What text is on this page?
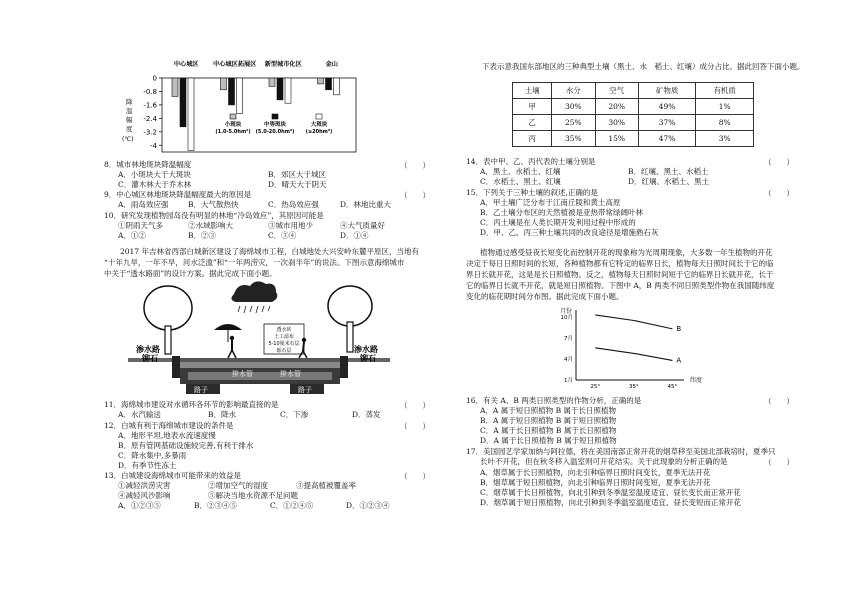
0
-0.8
-1.6
-2.4
-3.2
-4
降
温
幅
度
(℃)
中心城区 中心城区拓展区 新型城市化区	金山
小斑块
(1.0-5.0hm²)
中等斑块
(5.0-20.0hm²)
大斑块
(≥20hm²)
8．城市林地斑块降温幅度	（　　）
A．小斑块大于大斑块	B．郊区大于城区
C．灌木林大于乔木林	D．晴天大于阴天
9．中心城区林地斑块降温幅度最大的原因是	（　　）
A．雨岛效应强	B．大气散热快	C．热岛效应强	D．林地比重大
10．研究发现植物园岛没有明显的林地“冷岛效应”，其原因可能是
①阴雨天气多	②水域影响大	③城市用地少	④大气质量好
A．①②	B．②③	C．③④	D．①④
2017 年吉林省西部白城新区建设了海绵城市工程，白城地处大兴安岭东麓平原区，当地有
“十年九旱，一年不旱，河水泛滥”和“一年两涝灾，一次刹半年”的说法。下图示意海绵城市
中关于“透水路面”的设计方案。据此完成下面小题。
透水砖
土工滤布
5-10厘米石层
砾石层
渗水路
铆石
渗水路
铆石
排水管	排水管
路子	路子
11．海绵城市建设对水循环各环节的影响最直接的是	（　　）
A．水汽输送	B．降水	C．下渗	D．蒸发
12．白城有利于海绵城市建设的条件是	（　　）
A．地形平坦,地表水流速度慢
B．原有管网基础设施较完善,有利于排水
C．降水集中,多暴雨
D．有季节性冻土
13．白城建设海绵城市可能带来的效益是	（　　）
①减轻洪涝灾害	②增加空气的湿度	③提高植被覆盖率
④减轻风沙影响	⑤解决当地水资源不足问题
A．①②③⑤	B．②③④⑤	C．①②④⑤	D．①②③④
下表示意我国东部地区的三种典型土壤（黑土、水　稻土、红壤）成分占比。据此回答下面小题。
土壤	水分	空气	矿物质	有机质
甲	30%	20%	49%	1%
乙	25%	30%	37%	8%
丙	35%	15%	47%	3%
14．表中甲、乙、丙代表的土壤分别是	（　　）
A．黑土、水稻土、红壤	B．红壤、黑土、水稻土
C．水稻土、黑土、红壤	D．红壤、水稻土、黑土
15．下列关于三种土壤的叙述,正确的是	（　　）
A．甲土壤广泛分布于江南丘陵和黄土高原
B．乙土壤分布区的天然植被是亚热带常绿阔叶林
C．丙土壤是在人类长期开发利用过程中形成的
D．甲、乙、丙三种土壤共同的改良途径是增施熟石灰
植物通过感受昼夜长短变化而控制开花的现象称为光周期现象，大多数一年生植物的开花
决定于每日日照时间的长短，各种植物都有它特定的临界日长，植物每天日照时间长于它的临
界日长就开花，这是是长日照植物。反之，植物每天日照时间短于它的临界日长就开花，长于
它的临界日长就不开花，就是短日照植物。下图中 A，B 两类不同日照类型作物在我国随纬度
变化的临花期时间分布图。据此完成下面小题。
月份
纬度
10月
7月
4月
1月
25°	35°	45°
B
A
16．有关 A、B 两类日照类型的作物分析，正确的是	（　　）
A．A 属于短日照植物 B 属于长日照植物
B．A 属于短日照植物 B 属于短日照植物
C．A 属于长日照植物 B 属于长日照植物
D．A 属于长日照植物 B 属于短日照植物
17．美国园艺学家加纳与阿拉德，将在美国南部正常开花的烟草移至美国北部栽培时，夏季只
长叶不开花，但在秋冬移入温室则可开花结实。关于此现象的分析正确的是	（　　）
A．烟草属于长日照植物，向北引种临界日照时间变长，夏季无法开花
B．烟草属于短日照植物，向北引种临界日照时间变短，夏季无法开花
C．烟草属于长日照植物，向北引种到冬季温室温度适宜、昼长变长而正常开花
D．烟草属于短日照植物，向北引种到冬季温室温度适宜、昼长变短而正常开花
